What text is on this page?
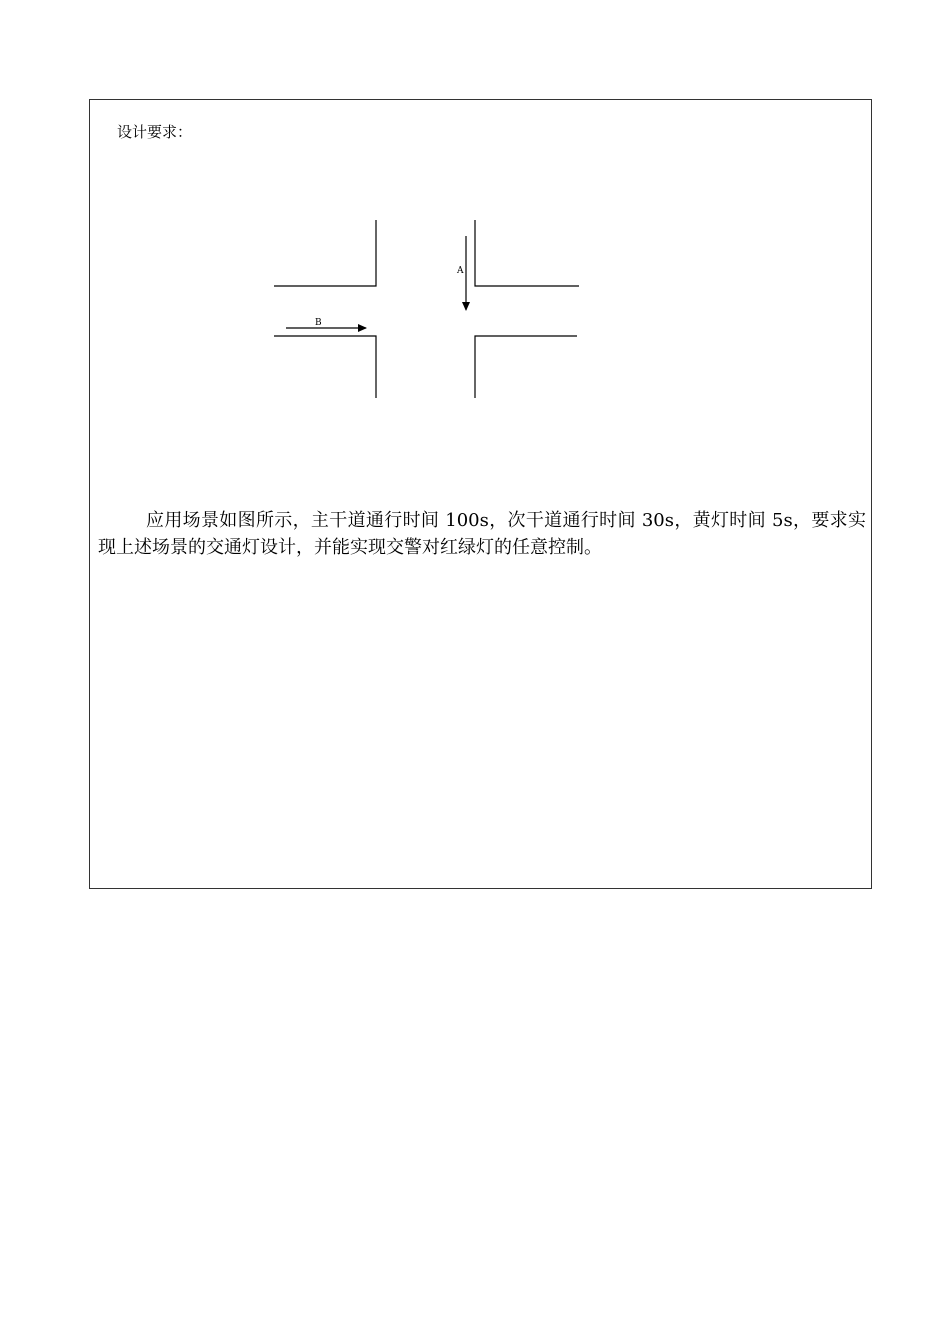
设计要求：
A
B

应用场景如图所示，主干道通行时间 100s，次干道通行时间 30s，黄灯时间 5s，要求实现上述场景的交通灯设计，并能实现交警对红绿灯的任意控制。
